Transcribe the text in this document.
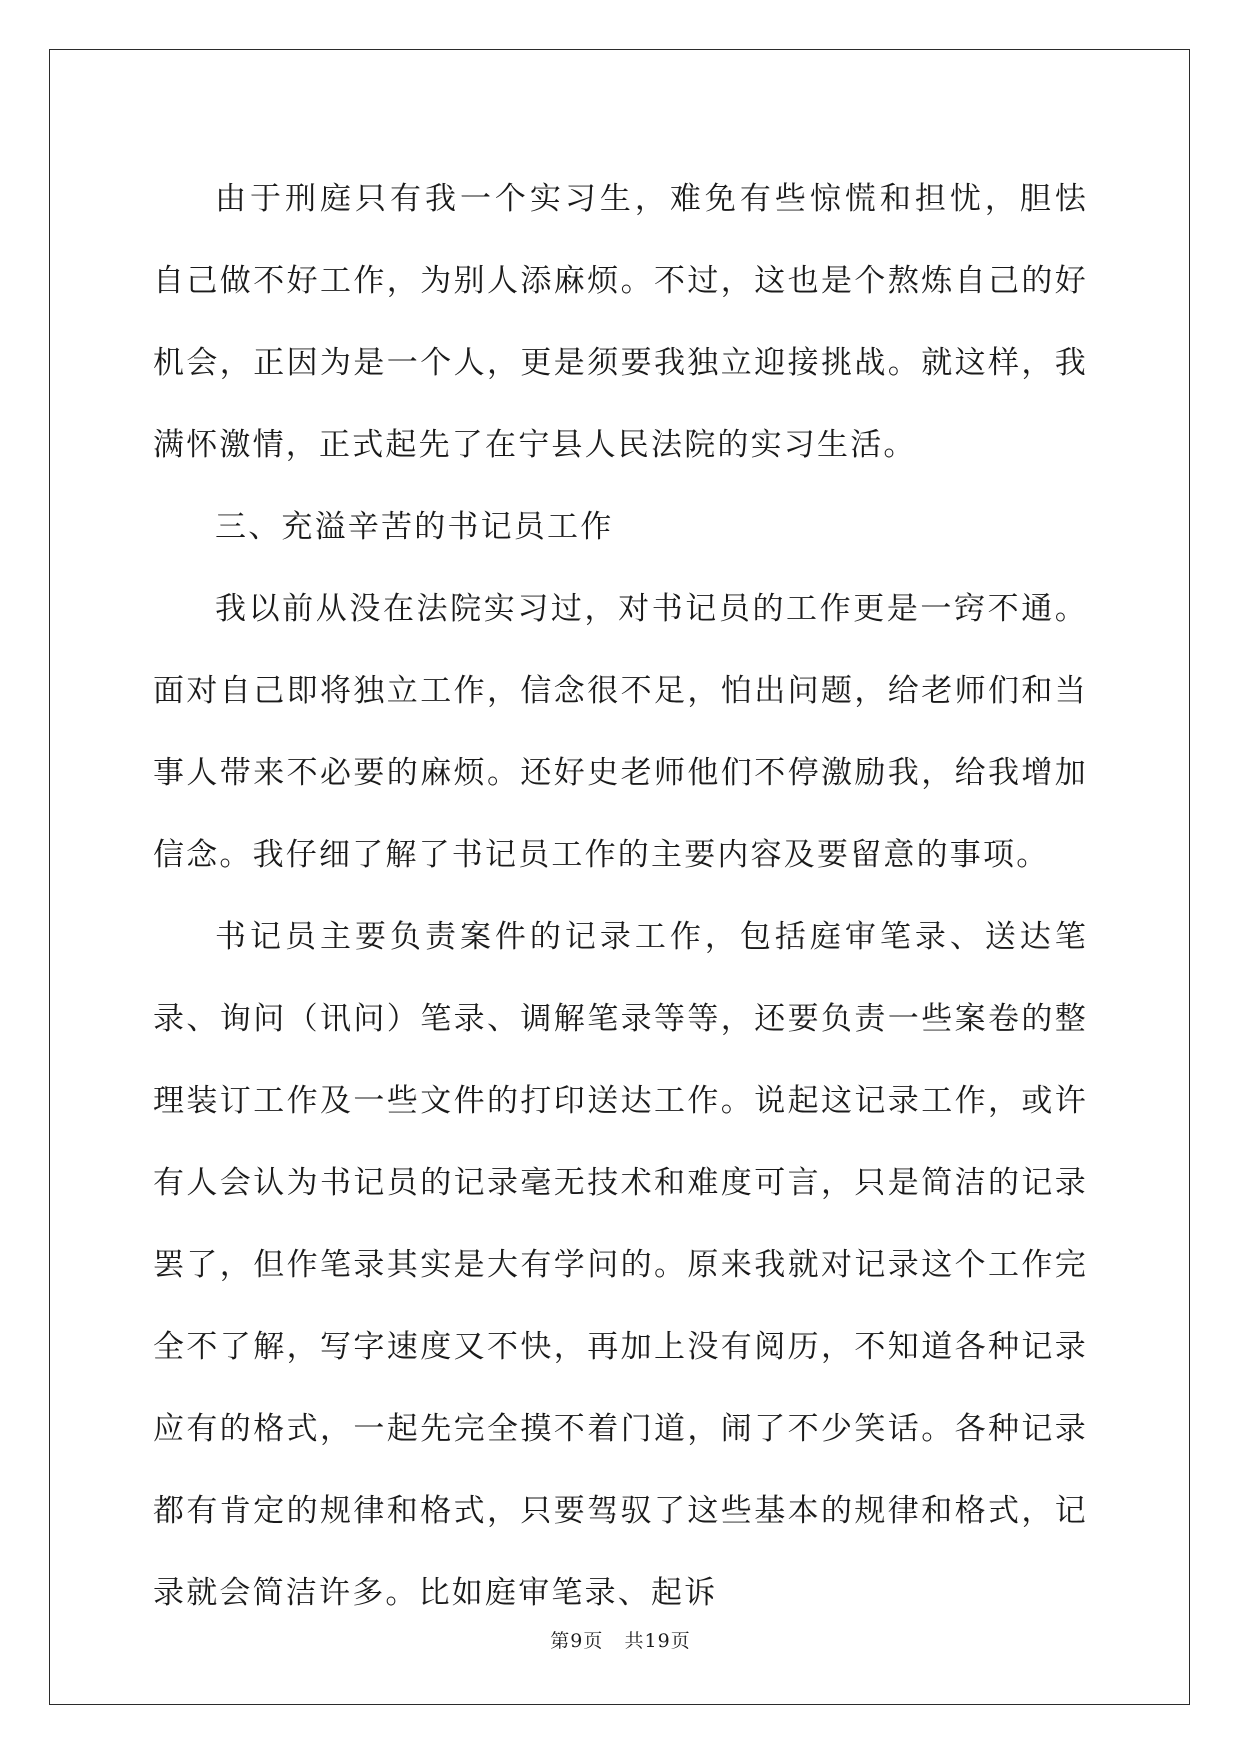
由于刑庭只有我一个实习生，难免有些惊慌和担忧，胆怯　自己做不好工作，为别人添麻烦。不过，这也是个熬炼自己的好机会，正因为是一个人，更是须要我独立迎接挑战。就这样，我满怀激情，正式起先了在宁县人民法院的实习生活。

三、充溢辛苦的书记员工作

我以前从没在法院实习过，对书记员的工作更是一窍不通。面对自己即将独立工作，信念很不足，怕出问题，给老师们和当事人带来不必要的麻烦。还好史老师他们不停激励我，给我增加信念。我仔细了解了书记员工作的主要内容及要留意的事项。

书记员主要负责案件的记录工作，包括庭审笔录、送达笔录、询问（讯问）笔录、调解笔录等等，还要负责一些案卷的整理装订工作及一些文件的打印送达工作。说起这记录工作，或许有人会认为书记员的记录毫无技术和难度可言，只是简洁的记录罢了，但作笔录其实是大有学问的。原来我就对记录这个工作完全不了解，写字速度又不快，再加上没有阅历，不知道各种记录应有的格式，一起先完全摸不着门道，闹了不少笑话。各种记录都有肯定的规律和格式，只要驾驭了这些基本的规律和格式，记录就会简洁许多。比如庭审笔录、起诉

第9页 共19页
